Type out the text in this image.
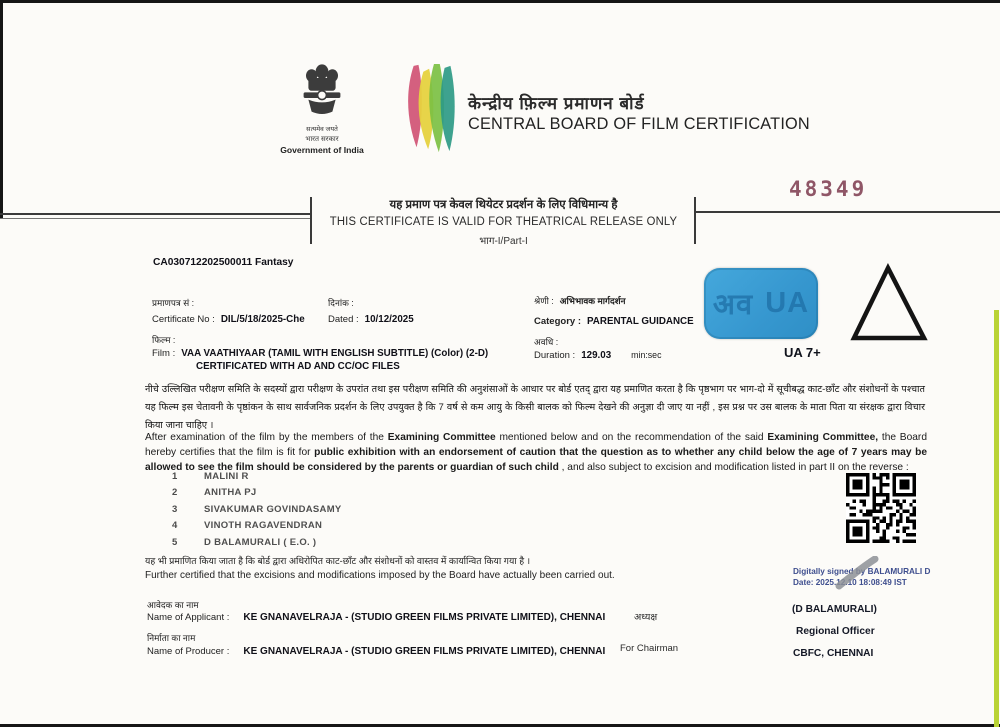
सत्यमेव जयते
भारत सरकार
Government of India
केन्द्रीय फ़िल्म प्रमाणन बोर्ड
CENTRAL BOARD OF FILM CERTIFICATION
48349
यह प्रमाण पत्र केवल थियेटर प्रदर्शन के लिए विधिमान्य है
THIS CERTIFICATE IS VALID FOR THEATRICAL RELEASE ONLY
भाग-I/Part-I
CA030712202500011 Fantasy
प्रमाणपत्र सं :
Certificate No : DIL/5/18/2025-Che
दिनांक :
Dated : 10/12/2025
श्रेणी : अभिभावक मार्गदर्शन
Category : PARENTAL GUIDANCE
फिल्म :
Film : VAA VAATHIYAAR (TAMIL WITH ENGLISH SUBTITLE) (Color) (2-D)
CERTIFICATED WITH AD AND CC/OC FILES
अवधि :
Duration : 129.03 min:sec
अव UA
UA 7+
नीचे उल्लिखित परीक्षण समिति के सदस्यों द्वारा परीक्षण के उपरांत तथा इस परीक्षण समिति की अनुशंसाओं के आधार पर बोर्ड एतद् द्वारा यह प्रमाणित करता है कि पृष्ठभाग पर भाग-दो में सूचीबद्ध काट-छाँट और संशोधनों के पश्चात यह फिल्म इस चेतावनी के पृष्ठांकन के साथ सार्वजनिक प्रदर्शन के लिए उपयुक्त है कि 7 वर्ष से कम आयु के किसी बालक को फिल्म देखने की अनुज्ञा दी जाए या नहीं , इस प्रश्न पर उस बालक के माता पिता या संरक्षक द्वारा विचार किया जाना चाहिए ।
After examination of the film by the members of the Examining Committee mentioned below and on the recommendation of the said Examining Committee, the Board hereby certifies that the film is fit for public exhibition with an endorsement of caution that the question as to whether any child below the age of 7 years may be allowed to see the film should be considered by the parents or guardian of such child , and also subject to excision and modification listed in part II on the reverse :
1	MALINI R
2	ANITHA PJ
3	SIVAKUMAR GOVINDASAMY
4	VINOTH RAGAVENDRAN
5	D BALAMURALI ( E.O. )
Digitally signed by BALAMURALI D
Date: 2025.12.10 18:08:49 IST
यह भी प्रमाणित किया जाता है कि बोर्ड द्वारा अधिरोपित काट-छाँट और संशोधनों को वास्तव में कार्यान्वित किया गया है ।
Further certified that the excisions and modifications imposed by the Board have actually been carried out.
आवेदक का नाम
Name of Applicant : KE GNANAVELRAJA - (STUDIO GREEN FILMS PRIVATE LIMITED), CHENNAI
निर्माता का नाम
Name of Producer : KE GNANAVELRAJA - (STUDIO GREEN FILMS PRIVATE LIMITED), CHENNAI
अध्यक्ष
For Chairman
(D BALAMURALI)
Regional Officer
CBFC, CHENNAI
